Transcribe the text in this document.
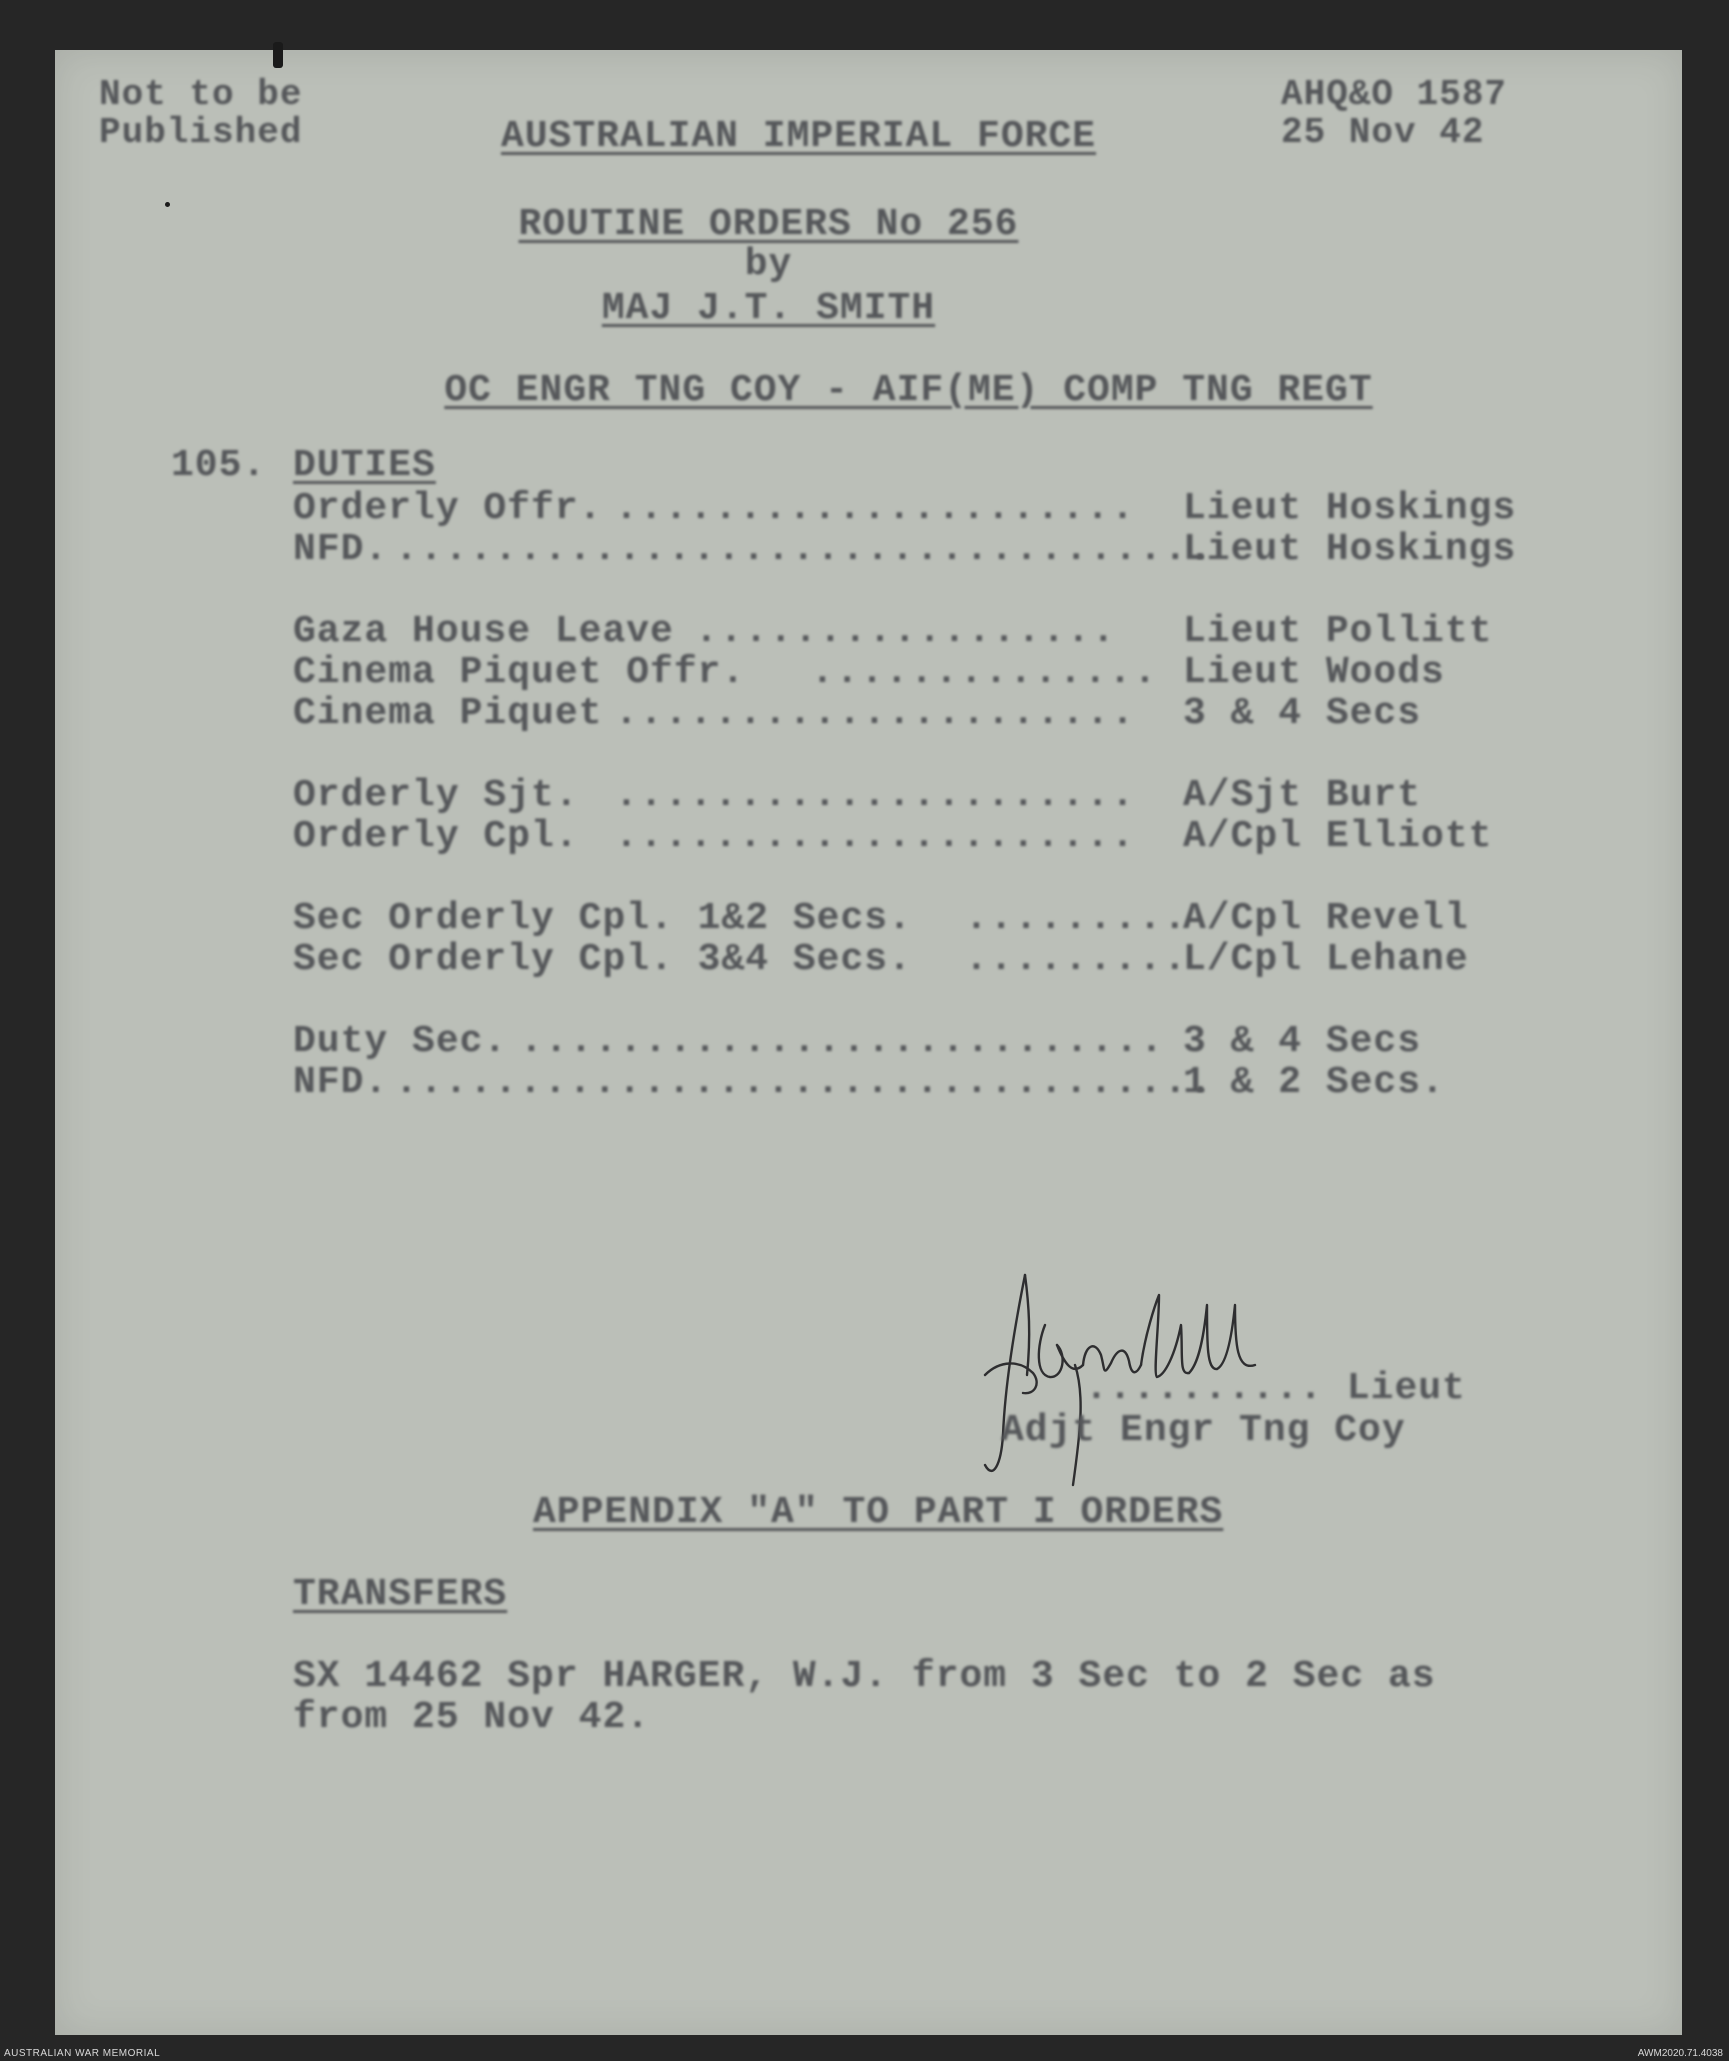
Not to be
Published
AHQ&O 1587
25 Nov 42
AUSTRALIAN IMPERIAL FORCE
ROUTINE ORDERS No 256
by
MAJ J.T. SMITH
OC ENGR TNG COY - AIF(ME) COMP TNG REGT
105. DUTIES
Orderly Offr. ..................... Lieut Hoskings
NFD. .................................
Lieut Hoskings
Gaza House Leave ................. Lieut Pollitt
Cinema Piquet Offr. .............. Lieut Woods
Cinema Piquet ..................... 3 & 4 Secs
Orderly Sjt. ..................... A/Sjt Burt
Orderly Cpl. ..................... A/Cpl Elliott
Sec Orderly Cpl. 1&2 Secs. .........
A/Cpl Revell
Sec Orderly Cpl. 3&4 Secs. .........
L/Cpl Lehane
Duty Sec. .......................... 3 & 4 Secs
NFD. .................................
1 & 2 Secs.
.......... Lieut
Adjt Engr Tng Coy
APPENDIX "A" TO PART I ORDERS
TRANSFERS
SX 14462 Spr HARGER, W.J. from 3 Sec to 2 Sec as
from 25 Nov 42.
AUSTRALIAN WAR MEMORIAL	AWM2020.71.4038
